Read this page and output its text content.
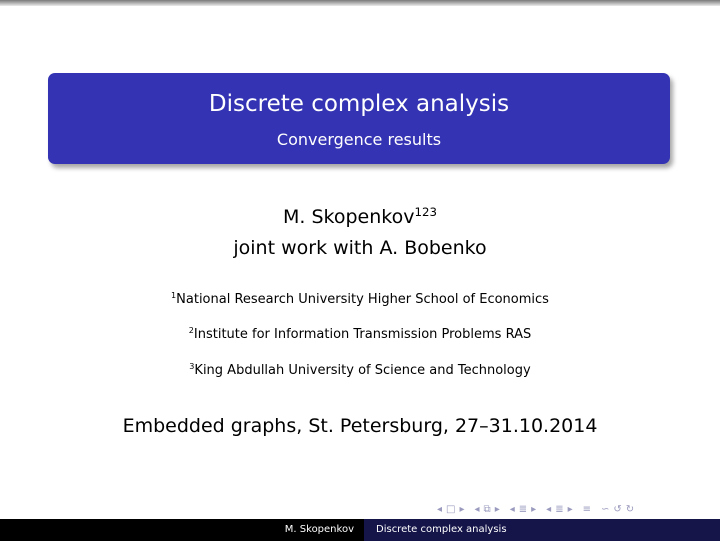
Discrete complex analysis
Convergence results
M. Skopenkov$^{123}$
joint work with A. Bobenko
$^1$National Research University Higher School of Economics
$^2$Institute for Information Transmission Problems RAS
$^3$King Abdullah University of Science and Technology
Embedded graphs, St. Petersburg, 27–31.10.2014
◂ □ ▸ ◂ ⧉ ▸ ◂ ≣ ▸ ◂ ≣ ▸ ≡ ∽ ↺ ↻
M. Skopenkov	Discrete complex analysis
